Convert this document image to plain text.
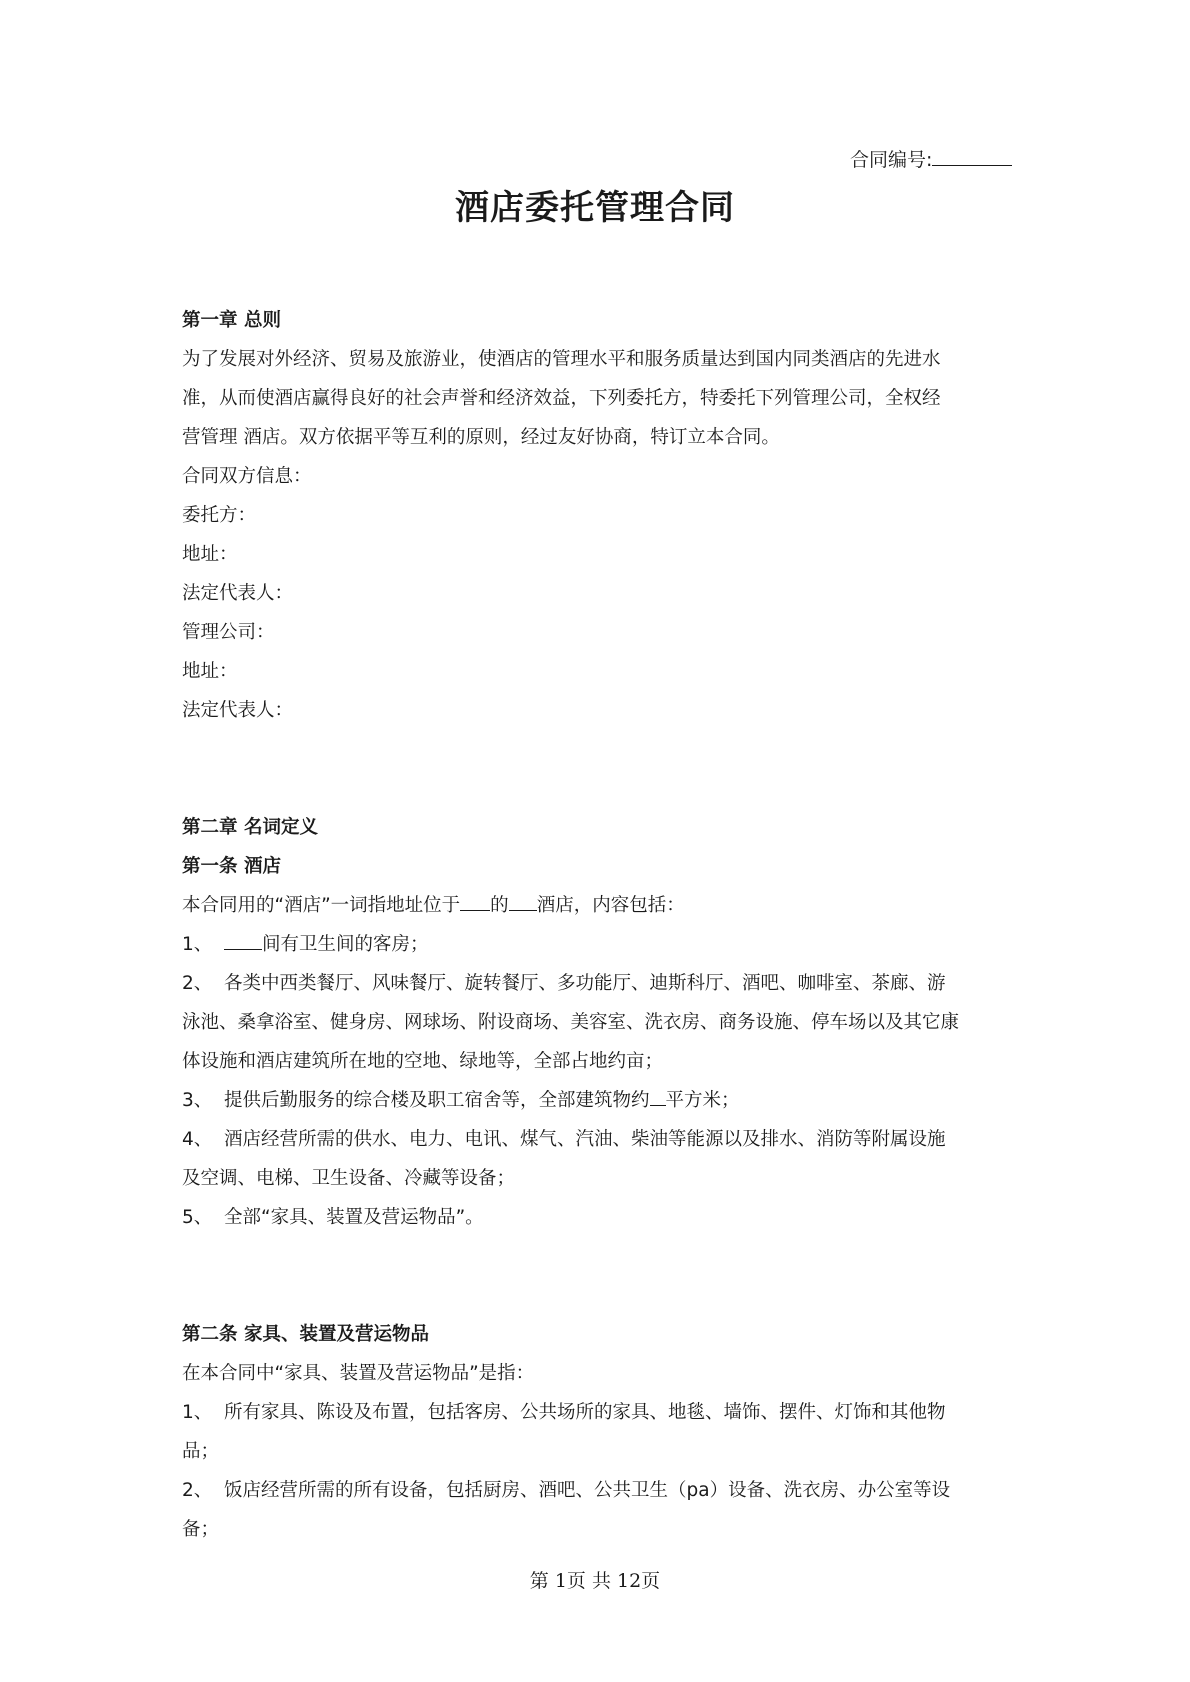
合同编号:
酒店委托管理合同
第一章 总则
为了发展对外经济、贸易及旅游业，使酒店的管理水平和服务质量达到国内同类酒店的先进水
准，从而使酒店赢得良好的社会声誉和经济效益，下列委托方，特委托下列管理公司，全权经
营管理 酒店。双方依据平等互利的原则，经过友好协商，特订立本合同。
合同双方信息：
委托方：
地址：
法定代表人：
管理公司：
地址：
法定代表人：
第二章 名词定义
第一条 酒店
本合同用的“酒店”一词指地址位于 的 酒店，内容包括：
1、	间有卫生间的客房；
2、 各类中西类餐厅、风味餐厅、旋转餐厅、多功能厅、迪斯科厅、酒吧、咖啡室、茶廊、游
泳池、桑拿浴室、健身房、网球场、附设商场、美容室、洗衣房、商务设施、停车场以及其它康
体设施和酒店建筑所在地的空地、绿地等，全部占地约亩；
3、 提供后勤服务的综合楼及职工宿舍等，全部建筑物约 平方米；
4、 酒店经营所需的供水、电力、电讯、煤气、汽油、柴油等能源以及排水、消防等附属设施
及空调、电梯、卫生设备、冷藏等设备；
5、 全部“家具、装置及营运物品”。
第二条 家具、装置及营运物品
在本合同中“家具、装置及营运物品”是指：
1、 所有家具、陈设及布置，包括客房、公共场所的家具、地毯、墙饰、摆件、灯饰和其他物
品；
2、 饭店经营所需的所有设备，包括厨房、酒吧、公共卫生（pa）设备、洗衣房、办公室等设
备；
第 1页 共 12页
